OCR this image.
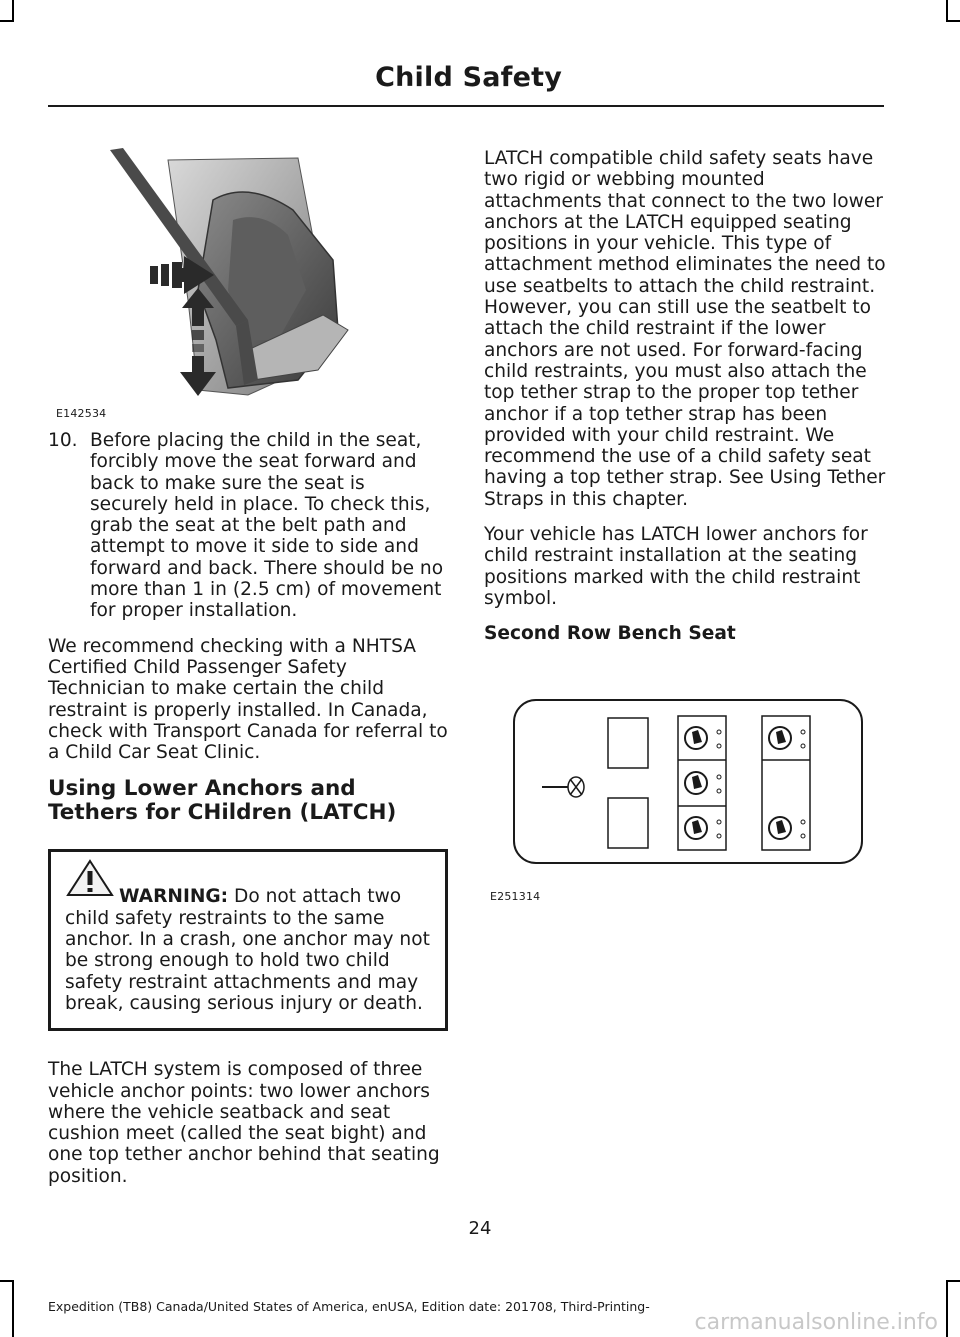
Child Safety
E142534
10. Before placing the child in the seat, forcibly move the seat forward and back to make sure the seat is securely held in place. To check this, grab the seat at the belt path and attempt to move it side to side and forward and back. There should be no more than 1 in (2.5 cm) of movement for proper installation.

We recommend checking with a NHTSA Certified Child Passenger Safety Technician to make certain the child restraint is properly installed. In Canada, check with Transport Canada for referral to a Child Car Seat Clinic.

Using Lower Anchors and Tethers for CHildren (LATCH)
WARNING: Do not attach two child safety restraints to the same anchor. In a crash, one anchor may not be strong enough to hold two child safety restraint attachments and may break, causing serious injury or death.

The LATCH system is composed of three vehicle anchor points: two lower anchors where the vehicle seatback and seat cushion meet (called the seat bight) and one top tether anchor behind that seating position.

LATCH compatible child safety seats have two rigid or webbing mounted attachments that connect to the two lower anchors at the LATCH equipped seating positions in your vehicle. This type of attachment method eliminates the need to use seatbelts to attach the child restraint. However, you can still use the seatbelt to attach the child restraint if the lower anchors are not used. For forward-facing child restraints, you must also attach the top tether strap to the proper top tether anchor if a top tether strap has been provided with your child restraint. We recommend the use of a child safety seat having a top tether strap. See Using Tether Straps in this chapter.

Your vehicle has LATCH lower anchors for child restraint installation at the seating positions marked with the child restraint symbol.

Second Row Bench Seat
E251314
24
Expedition (TB8) Canada/United States of America, enUSA, Edition date: 201708, Third-Printing-
carmanualsonline.info
